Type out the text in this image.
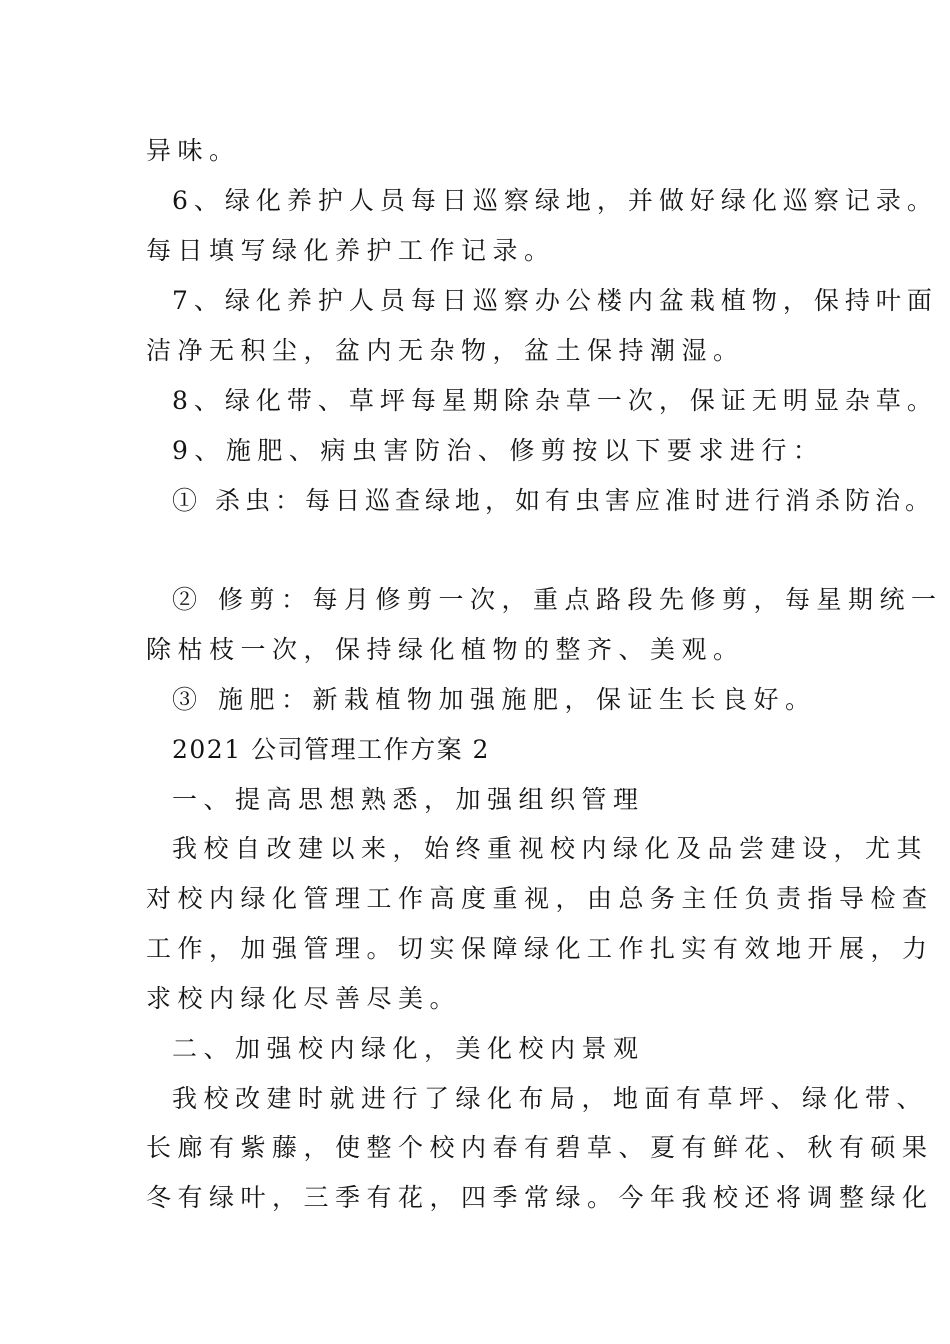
异味。
6、绿化养护人员每日巡察绿地，并做好绿化巡察记录。
每日填写绿化养护工作记录。
7、绿化养护人员每日巡察办公楼内盆栽植物，保持叶面
洁净无积尘，盆内无杂物，盆土保持潮湿。
8、绿化带、草坪每星期除杂草一次，保证无明显杂草。
9、施肥、病虫害防治、修剪按以下要求进行：
① 杀虫：每日巡查绿地，如有虫害应准时进行消杀防治。
② 修剪：每月修剪一次，重点路段先修剪，每星期统一
除枯枝一次，保持绿化植物的整齐、美观。
③ 施肥：新栽植物加强施肥，保证生长良好。
2021 公司管理工作方案 2
一、提高思想熟悉，加强组织管理
我校自改建以来，始终重视校内绿化及品尝建设，尤其
对校内绿化管理工作高度重视，由总务主任负责指导检查
工作，加强管理。切实保障绿化工作扎实有效地开展，力
求校内绿化尽善尽美。
二、加强校内绿化，美化校内景观
我校改建时就进行了绿化布局，地面有草坪、绿化带、
长廊有紫藤，使整个校内春有碧草、夏有鲜花、秋有硕果
冬有绿叶，三季有花，四季常绿。今年我校还将调整绿化
